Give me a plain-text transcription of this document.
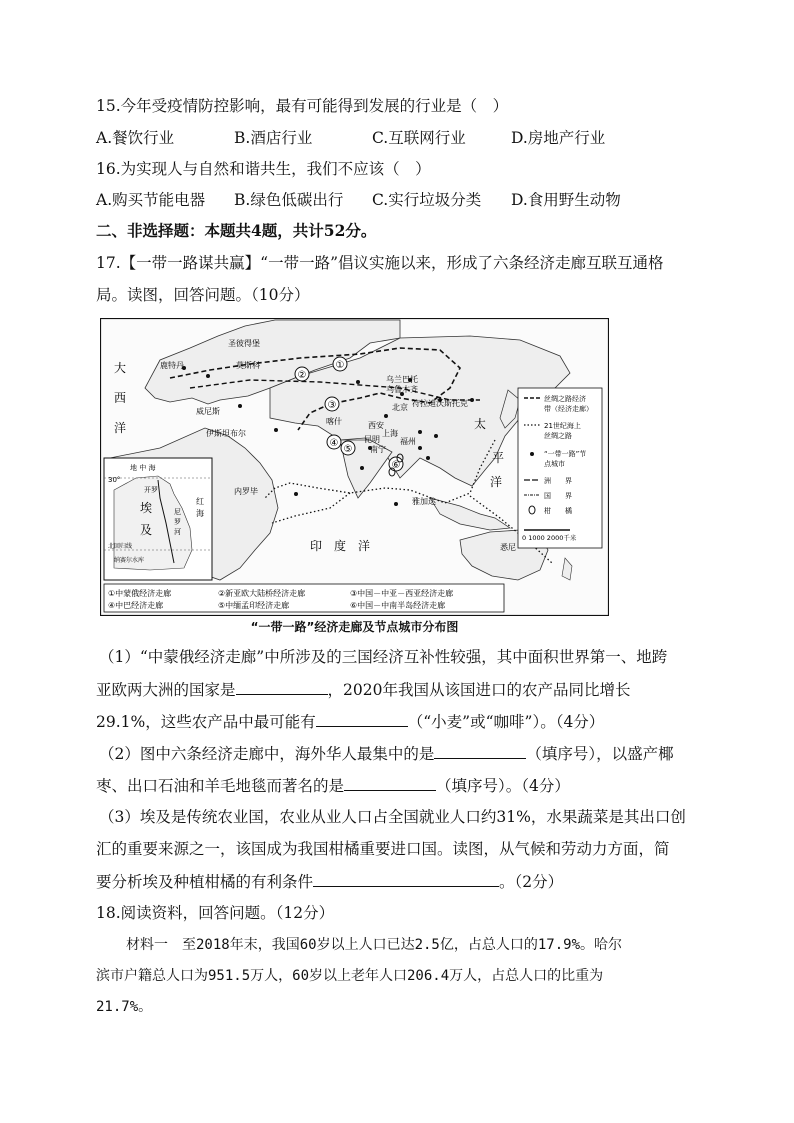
15.今年受疫情防控影响，最有可能得到发展的行业是（　）
A.餐饮行业	B.酒店行业	C.互联网行业	D.房地产行业
16.为实现人与自然和谐共生，我们不应该（　）
A.购买节能电器 B.绿色低碳出行 C.实行垃圾分类 D.食用野生动物
二、非选择题：本题共4题，共计52分。
17.【一带一路谋共赢】“一带一路”倡议实施以来，形成了六条经济走廊互联互通格
局。读图，回答问题。（10分）
①
②
③
④
⑤
⑥
大
西
洋
印　度　洋
太
平
洋
圣彼得堡
莫斯科
鹿特丹
乌兰巴托
乌鲁木齐
北京 符拉迪沃斯托克
喀什	西安
上海
昆明
南宁
福州
威尼斯
内罗毕
雅加达
悉尼
伊斯坦布尔
地 中 海
30°
开罗
埃
及
尼
罗
河
红
海
北回归线
纳赛尔水库
丝绸之路经济
带（经济走廊）
21世纪海上
丝绸之路
“一带一路”节
点城市
洲　　界
国　　界
柑　　橘
0 1000 2000千米
①中蒙俄经济走廊	②新亚欧大陆桥经济走廊	③中国－中亚－西亚经济走廊
④中巴经济走廊	⑤中缅孟印经济走廊	⑥中国－中南半岛经济走廊
“一带一路”经济走廊及节点城市分布图
（1）“中蒙俄经济走廊”中所涉及的三国经济互补性较强，其中面积世界第一、地跨
亚欧两大洲的国家是	，2020年我国从该国进口的农产品同比增长
29.1%，这些农产品中最可能有	（“小麦”或“咖啡”）。（4分）
（2）图中六条经济走廊中，海外华人最集中的是	（填序号），以盛产椰
枣、出口石油和羊毛地毯而著名的是	（填序号）。（4分）
（3）埃及是传统农业国，农业从业人口占全国就业人口约31%，水果蔬菜是其出口创
汇的重要来源之一，该国成为我国柑橘重要进口国。读图，从气候和劳动力方面，简
要分析埃及种植柑橘的有利条件	。（2分）
18.阅读资料，回答问题。（12分）
材料一　至2018年末，我国60岁以上人口已达2.5亿，占总人口的17.9%。哈尔
滨市户籍总人口为951.5万人，60岁以上老年人口206.4万人，占总人口的比重为
21.7%。
